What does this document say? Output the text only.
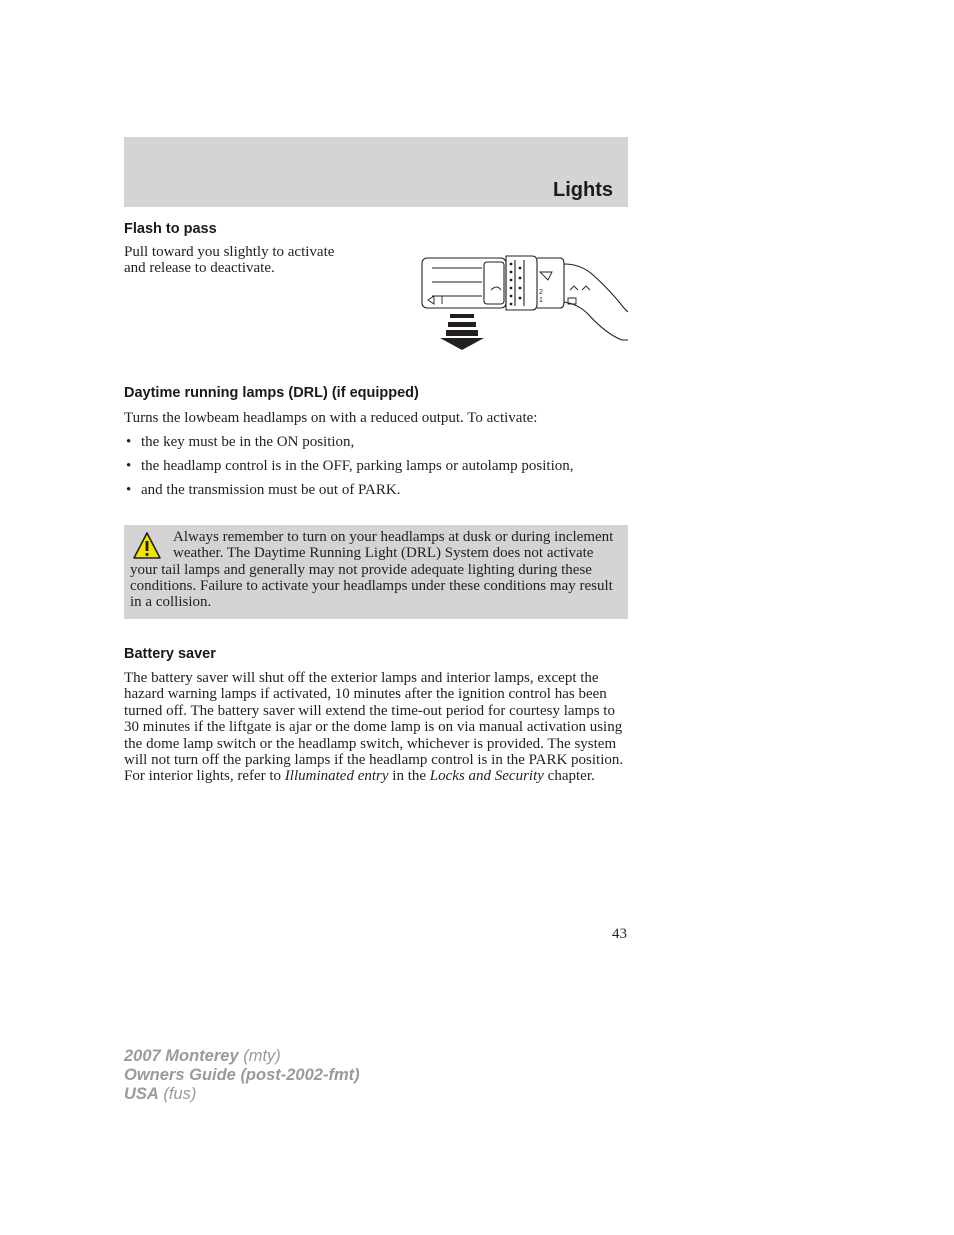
Lights
Flash to pass
Pull toward you slightly to activate
and release to deactivate.
2
1
Daytime running lamps (DRL) (if equipped)
Turns the lowbeam headlamps on with a reduced output. To activate:
• the key must be in the ON position,
• the headlamp control is in the OFF, parking lamps or autolamp position,
• and the transmission must be out of PARK.
Always remember to turn on your headlamps at dusk or during inclement weather. The Daytime Running Light (DRL) System does not activate your tail lamps and generally may not provide adequate lighting during these conditions. Failure to activate your headlamps under these conditions may result in a collision.
Battery saver
The battery saver will shut off the exterior lamps and interior lamps, except the hazard warning lamps if activated, 10 minutes after the ignition control has been turned off. The battery saver will extend the time-out period for courtesy lamps to 30 minutes if the liftgate is ajar or the dome lamp is on via manual activation using the dome lamp switch or the headlamp switch, whichever is provided. The system will not turn off the parking lamps if the headlamp control is in the PARK position. For interior lights, refer to Illuminated entry in the Locks and Security chapter.
43
2007 Monterey (mty)
Owners Guide (post-2002-fmt)
USA (fus)
